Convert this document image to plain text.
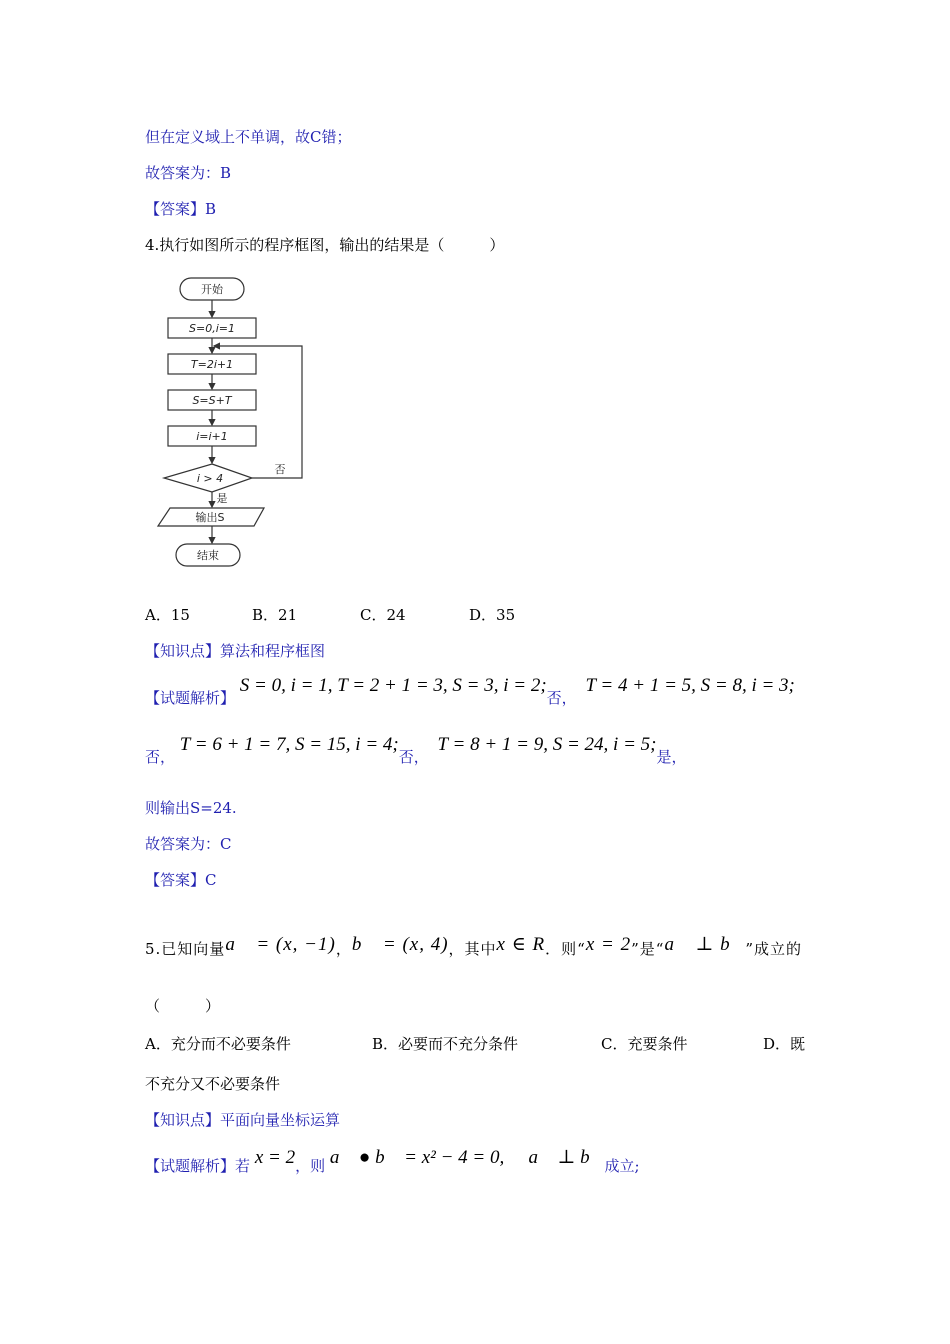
但在定义域上不单调，故C错；
故答案为：B
【答案】B
4.执行如图所示的程序框图，输出的结果是（　　　）
开始
S=0,i=1
T=2i+1
S=S+T
i=i+1
i > 4
否
是
输出S
结束
A．15	B．21	C．24	D．35
【知识点】算法和程序框图
【试题解析】 S = 0, i = 1, T = 2 + 1 = 3, S = 3, i = 2;否， T = 4 + 1 = 5, S = 8, i = 3;
否， T = 6 + 1 = 7, S = 15, i = 4;否， T = 8 + 1 = 9, S = 24, i = 5;是，
则输出S=24.
故答案为：C
【答案】C
5.已知向量a⃗ = (x, −1)，b⃗ = (x, 4)，其中x ∈ R．则“x = 2”是“a⃗ ⊥ b⃗”成立的
（　　　）
A．充分而不必要条件	B．必要而不充分条件	C．充要条件	D．既
不充分又不必要条件
【知识点】平面向量坐标运算
【试题解析】若 x = 2，则 a⃗ ● b⃗ = x² − 4 = 0, ∴ a⃗ ⊥ b⃗成立;
